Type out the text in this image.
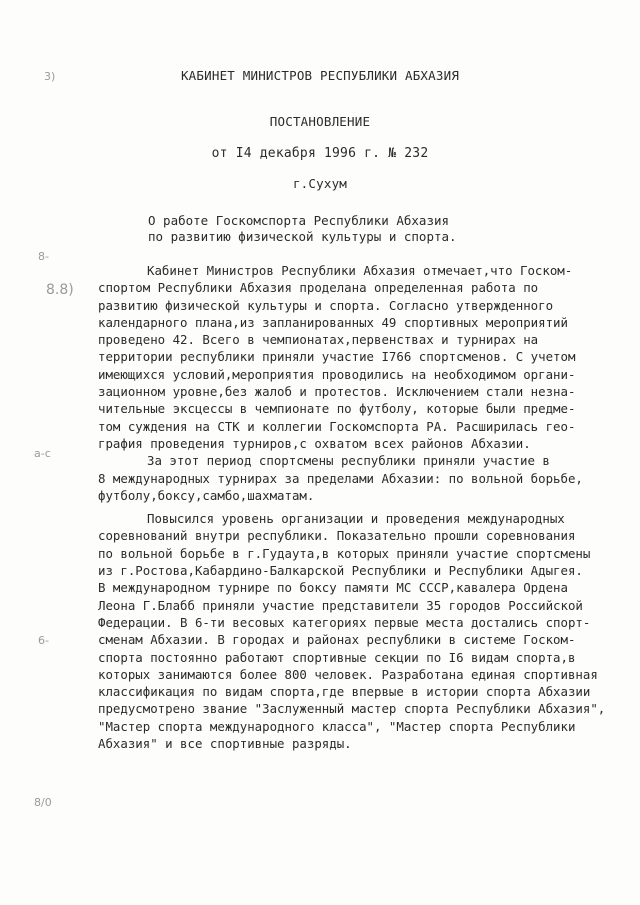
3)
8-
а-с
6-
8/0
8.8)
КАБИНЕТ МИНИСТРОВ РЕСПУБЛИКИ АБХАЗИЯ
ПОСТАНОВЛЕНИЕ
от I4 декабря 1996 г. № 232
г.Сухум
О работе Госкомспорта Республики Абхазия
по развитию физической культуры и спорта.
Кабинет Министров Республики Абхазия отмечает,что Госком-
спортом Республики Абхазия проделана определенная работа по
развитию физической культуры и спорта. Согласно утвержденного
календарного плана,из запланированных 49 спортивных мероприятий
проведено 42. Всего в чемпионатах,первенствах и турнирах на
территории республики приняли участие I766 спортсменов. С учетом
имеющихся условий,мероприятия проводились на необходимом органи-
зационном уровне,без жалоб и протестов. Исключением стали незна-
чительные эксцессы в чемпионате по футболу, которые были предме-
том суждения на СТК и коллегии Госкомспорта РА. Расширилась гео-
графия проведения турниров,с охватом всех районов Абхазии.
За этот период спортсмены республики приняли участие в
8 международных турнирах за пределами Абхазии: по вольной борьбе,
футболу,боксу,самбо,шахматам.
Повысился уровень организации и проведения международных
соревнований внутри республики. Показательно прошли соревнования
по вольной борьбе в г.Гудаута,в которых приняли участие спортсмены
из г.Ростова,Кабардино-Балкарской Республики и Республики Адыгея.
В международном турнире по боксу памяти МС СССР,кавалера Ордена
Леона Г.Блабб приняли участие представители 35 городов Российской
Федерации. В 6-ти весовых категориях первые места достались спорт-
сменам Абхазии. В городах и районах республики в системе Госком-
спорта постоянно работают спортивные секции по I6 видам спорта,в
которых занимаются более 800 человек. Разработана единая спортивная
классификация по видам спорта,где впервые в истории спорта Абхазии
предусмотрено звание "Заслуженный мастер спорта Республики Абхазия",
"Мастер спорта международного класса", "Мастер спорта Республики
Абхазия" и все спортивные разряды.
